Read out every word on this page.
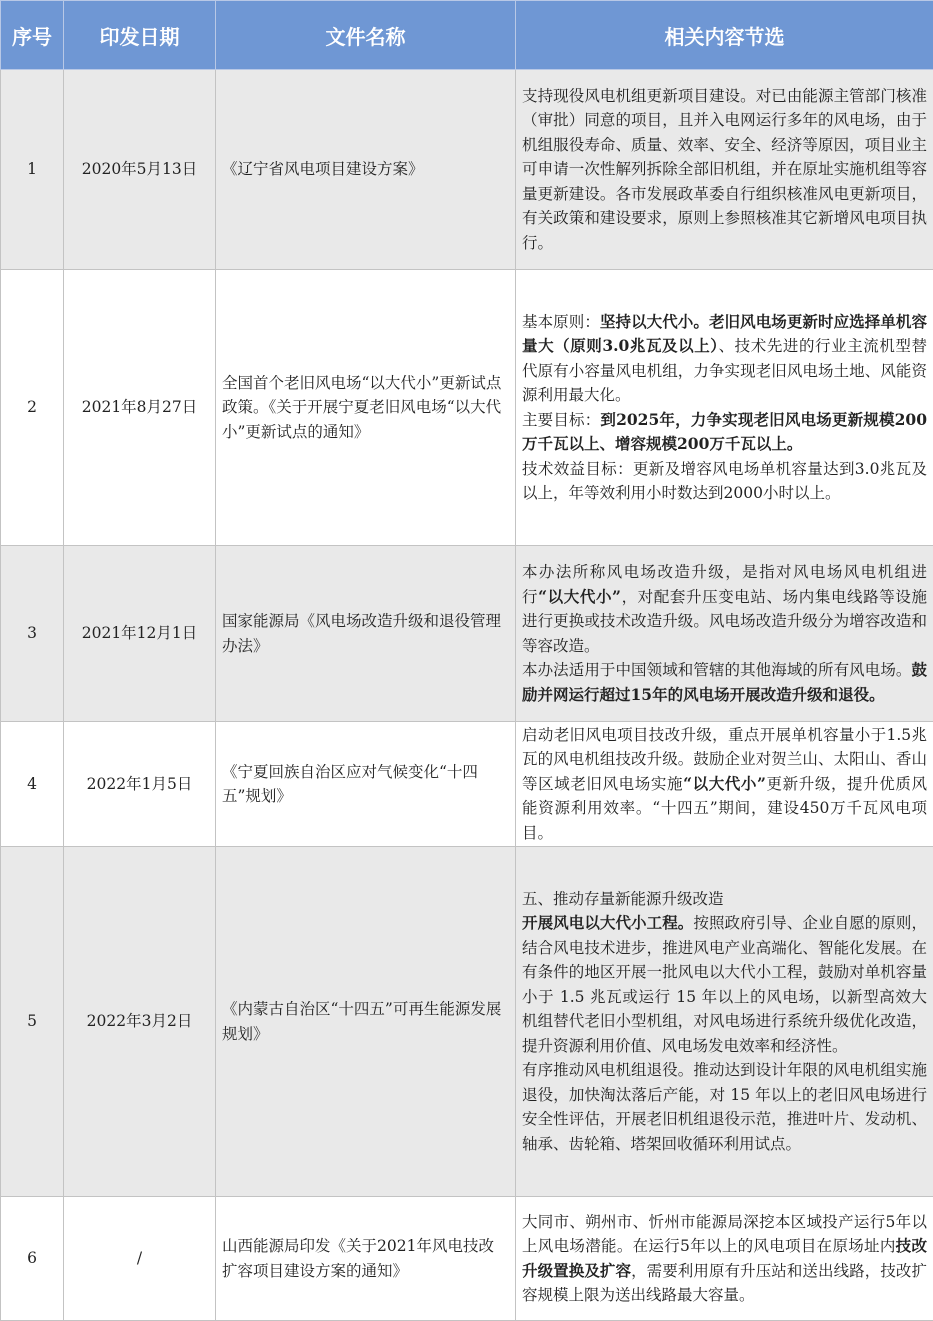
序号	印发日期	文件名称	相关内容节选
1	2020年5月13日	《辽宁省风电项目建设方案》	支持现役风电机组更新项目建设。对已由能源主管部门核准（审批）同意的项目，且并入电网运行多年的风电场，由于机组服役寿命、质量、效率、安全、经济等原因，项目业主可申请一次性解列拆除全部旧机组，并在原址实施机组等容量更新建设。各市发展政革委自行组织核准风电更新项目，有关政策和建设要求，原则上参照核准其它新增风电项目执行。

2	2021年8月27日	全国首个老旧风电场“以大代小”更新试点政策。《关于开展宁夏老旧风电场“以大代小”更新试点的通知》	基本原则：坚持以大代小。老旧风电场更新时应选择单机容量大（原则3.0兆瓦及以上）、技术先进的行业主流机型替代原有小容量风电机组，力争实现老旧风电场土地、风能资源利用最大化。
主要目标：到2025年，力争实现老旧风电场更新规模200万千瓦以上、增容规模200万千瓦以上。
技术效益目标：更新及增容风电场单机容量达到3.0兆瓦及以上，年等效利用小时数达到2000小时以上。

3	2021年12月1日	国家能源局《风电场改造升级和退役管理办法》	本办法所称风电场改造升级，是指对风电场风电机组进行“以大代小”，对配套升压变电站、场内集电线路等设施进行更换或技术改造升级。风电场改造升级分为增容改造和等容改造。
本办法适用于中国领域和管辖的其他海域的所有风电场。鼓励并网运行超过15年的风电场开展改造升级和退役。

4	2022年1月5日	《宁夏回族自治区应对气候变化“十四五”规划》	启动老旧风电项目技改升级，重点开展单机容量小于1.5兆瓦的风电机组技改升级。鼓励企业对贺兰山、太阳山、香山等区域老旧风电场实施“以大代小”更新升级，提升优质风能资源利用效率。“十四五”期间，建设450万千瓦风电项目。

5	2022年3月2日	《内蒙古自治区“十四五”可再生能源发展规划》	五、推动存量新能源升级改造
开展风电以大代小工程。按照政府引导、企业自愿的原则，结合风电技术进步，推进风电产业高端化、智能化发展。在有条件的地区开展一批风电以大代小工程，鼓励对单机容量小于 1.5 兆瓦或运行 15 年以上的风电场，以新型高效大机组替代老旧小型机组，对风电场进行系统升级优化改造，提升资源利用价值、风电场发电效率和经济性。
有序推动风电机组退役。推动达到设计年限的风电机组实施退役，加快淘汰落后产能，对 15 年以上的老旧风电场进行安全性评估，开展老旧机组退役示范，推进叶片、发动机、轴承、齿轮箱、塔架回收循环利用试点。

6	/	山西能源局印发《关于2021年风电技改扩容项目建设方案的通知》	大同市、朔州市、忻州市能源局深挖本区域投产运行5年以上风电场潜能。在运行5年以上的风电项目在原场址内技改升级置换及扩容，需要利用原有升压站和送出线路，技改扩容规模上限为送出线路最大容量。
